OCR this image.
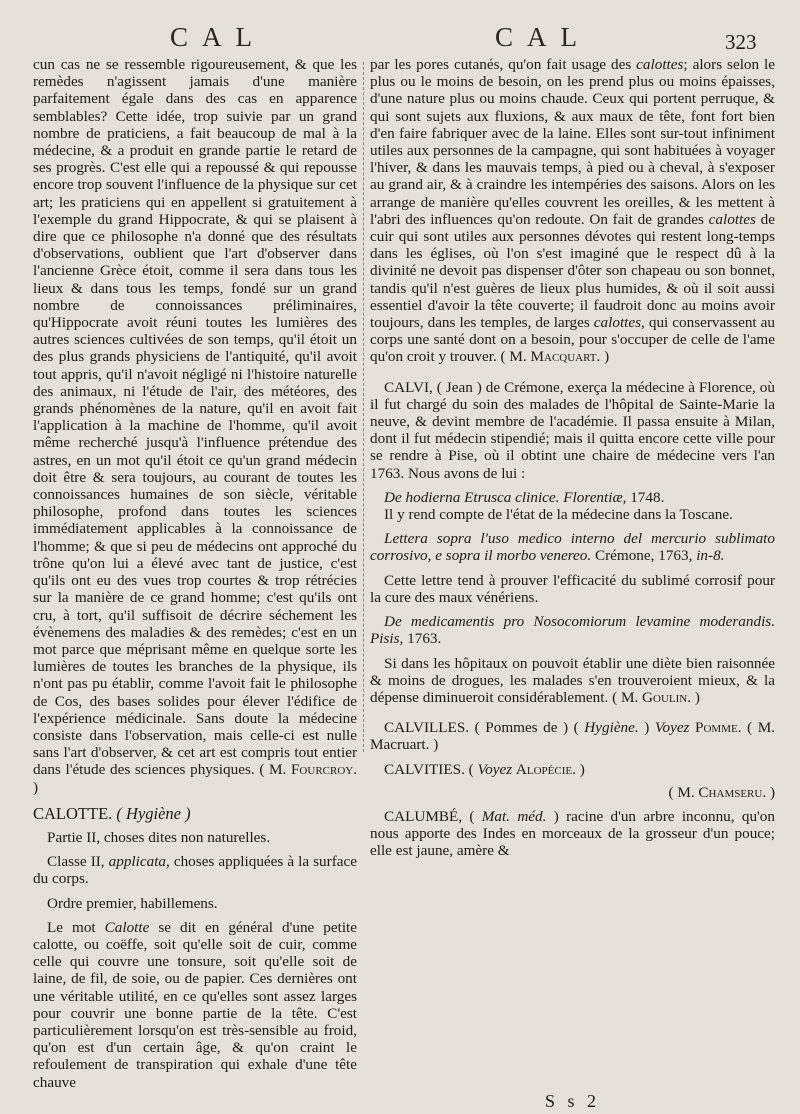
CAL	CAL	323

cun cas ne se ressemble rigoureusement, & que les remèdes n'agissent jamais d'une manière parfaitement égale dans des cas en apparence semblables? Cette idée, trop suivie par un grand nombre de praticiens, a fait beaucoup de mal à la médecine, & a produit en grande partie le retard de ses progrès. C'est elle qui a repoussé & qui repousse encore trop souvent l'influence de la physique sur cet art; les praticiens qui en appellent si gratuitement à l'exemple du grand Hippocrate, & qui se plaisent à dire que ce philosophe n'a donné que des résultats d'observations, oublient que l'art d'observer dans l'ancienne Grèce étoit, comme il sera dans tous les lieux & dans tous les temps, fondé sur un grand nombre de connoissances préliminaires, qu'Hippocrate avoit réuni toutes les lumières des autres sciences cultivées de son temps, qu'il étoit un des plus grands physiciens de l'antiquité, qu'il avoit tout appris, qu'il n'avoit négligé ni l'histoire naturelle des animaux, ni l'étude de l'air, des météores, des grands phénomènes de la nature, qu'il en avoit fait l'application à la machine de l'homme, qu'il avoit même recherché jusqu'à l'influence prétendue des astres, en un mot qu'il étoit ce qu'un grand médecin doit être & sera toujours, au courant de toutes les connoissances humaines de son siècle, véritable philosophe, profond dans toutes les sciences immédiatement applicables à la connoissance de l'homme; & que si peu de médecins ont approché du trône qu'on lui a élevé avec tant de justice, c'est qu'ils ont eu des vues trop courtes & trop rétrécies sur la manière de ce grand homme; c'est qu'ils ont cru, à tort, qu'il suffisoit de décrire séchement les évènemens des maladies & des remèdes; c'est en un mot parce que méprisant même en quelque sorte les lumières de toutes les branches de la physique, ils n'ont pas pu établir, comme l'avoit fait le philosophe de Cos, des bases solides pour élever l'édifice de l'expérience médicinale. Sans doute la médecine consiste dans l'observation, mais celle-ci est nulle sans l'art d'observer, & cet art est compris tout entier dans l'étude des sciences physiques. ( M. Fourcroy. )

CALOTTE. ( Hygiène )

Partie II, choses dites non naturelles.

Classe II, applicata, choses appliquées à la surface du corps.

Ordre premier, habillemens.

Le mot Calotte se dit en général d'une petite calotte, ou coëffe, soit qu'elle soit de cuir, comme celle qui couvre une tonsure, soit qu'elle soit de laine, de fil, de soie, ou de papier. Ces dernières ont une véritable utilité, en ce qu'elles sont assez larges pour couvrir une bonne partie de la tête. C'est particulièrement lorsqu'on est très-sensible au froid, qu'on est d'un certain âge, & qu'on craint le refoulement de transpiration qui exhale d'une tête chauve

par les pores cutanés, qu'on fait usage des calottes; alors selon le plus ou le moins de besoin, on les prend plus ou moins épaisses, d'une nature plus ou moins chaude. Ceux qui portent perruque, & qui sont sujets aux fluxions, & aux maux de tête, font fort bien d'en faire fabriquer avec de la laine. Elles sont sur-tout infiniment utiles aux personnes de la campagne, qui sont habituées à voyager l'hiver, & dans les mauvais temps, à pied ou à cheval, à s'exposer au grand air, & à craindre les intempéries des saisons. Alors on les arrange de manière qu'elles couvrent les oreilles, & les mettent à l'abri des influences qu'on redoute. On fait de grandes calottes de cuir qui sont utiles aux personnes dévotes qui restent long-temps dans les églises, où l'on s'est imaginé que le respect dû à la divinité ne devoit pas dispenser d'ôter son chapeau ou son bonnet, tandis qu'il n'est guères de lieux plus humides, & où il soit aussi essentiel d'avoir la tête couverte; il faudroit donc au moins avoir toujours, dans les temples, de larges calottes, qui conservassent au corps une santé dont on a besoin, pour s'occuper de celle de l'ame qu'on croit y trouver. ( M. Macquart. )

CALVI, ( Jean ) de Crémone, exerça la médecine à Florence, où il fut chargé du soin des malades de l'hôpital de Sainte-Marie la neuve, & devint membre de l'académie. Il passa ensuite à Milan, dont il fut médecin stipendié; mais il quitta encore cette ville pour se rendre à Pise, où il obtint une chaire de médecine vers l'an 1763. Nous avons de lui :

De hodierna Etrusca clinice. Florentiæ, 1748.

Il y rend compte de l'état de la médecine dans la Toscane.

Lettera sopra l'uso medico interno del mercurio sublimato corrosivo, e sopra il morbo venereo. Crémone, 1763, in-8.

Cette lettre tend à prouver l'efficacité du sublimé corrosif pour la cure des maux vénériens.

De medicamentis pro Nosocomiorum levamine moderandis. Pisis, 1763.

Si dans les hôpitaux on pouvoit établir une diète bien raisonnée & moins de drogues, les malades s'en trouveroient mieux, & la dépense diminueroit considérablement. ( M. Goulin. )

CALVILLES. ( Pommes de ) ( Hygiène. ) Voyez Pomme. ( M. Macruart. )

CALVITIES. ( Voyez Alopécie. )

( M. Chamseru. )

CALUMBÉ, ( Mat. méd. ) racine d'un arbre inconnu, qu'on nous apporte des Indes en morceaux de la grosseur d'un pouce; elle est jaune, amère &

S s 2
